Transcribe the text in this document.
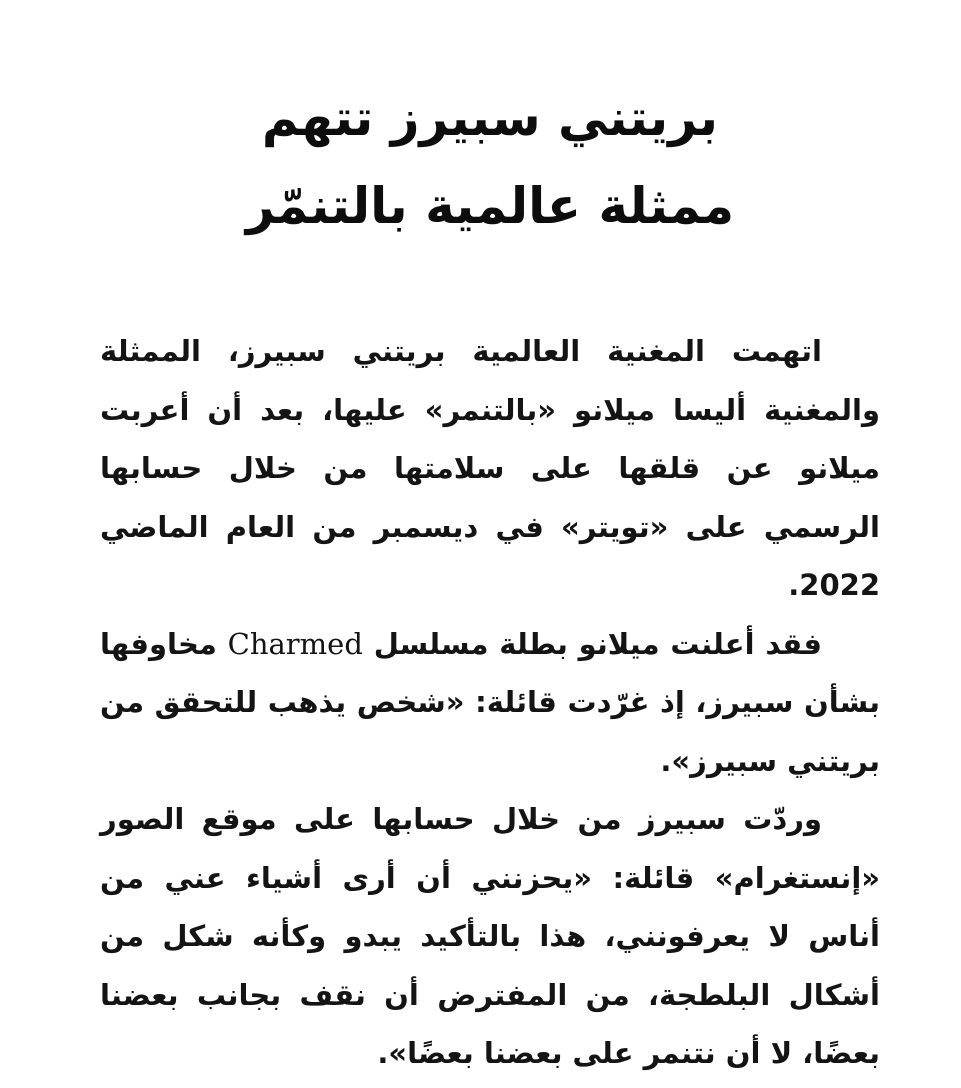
بريتني سبيرز تتهم
ممثلة عالمية بالتنمّر

اتهمت المغنية العالمية بريتني سبيرز، الممثلة والمغنية أليسا ميلانو «بالتنمر» عليها، بعد أن أعربت ميلانو عن قلقها على سلامتها من خلال حسابها الرسمي على «تويتر» في ديسمبر من العام الماضي 2022.

فقد أعلنت ميلانو بطلة مسلسل Charmed مخاوفها بشأن سبيرز، إذ غرّدت قائلة: «شخص يذهب للتحقق من بريتني سبيرز».

وردّت سبيرز من خلال حسابها على موقع الصور «إنستغرام» قائلة: «يحزنني أن أرى أشياء عني من أناس لا يعرفونني، هذا بالتأكيد يبدو وكأنه شكل من أشكال البلطجة، من المفترض أن نقف بجانب بعضنا بعضًا، لا أن نتنمر على بعضنا بعضًا».
